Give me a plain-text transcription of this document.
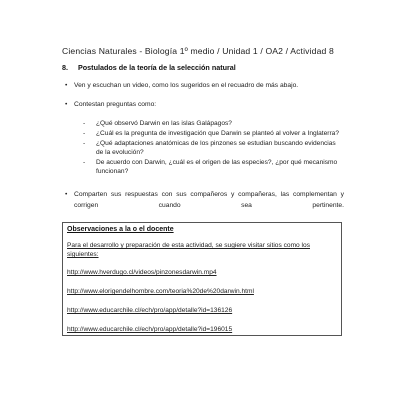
Ciencias Naturales - Biología 1º medio / Unidad 1 / OA2 / Actividad 8
8. Postulados de la teoría de la selección natural
• Ven y escuchan un video, como los sugeridos en el recuadro de más abajo.
• Contestan preguntas como:
- ¿Qué observó Darwin en las islas Galápagos?
- ¿Cuál es la pregunta de investigación que Darwin se planteó al volver a Inglaterra?
- ¿Qué adaptaciones anatómicas de los pinzones se estudian buscando evidencias de la evolución?
- De acuerdo con Darwin, ¿cuál es el origen de las especies?, ¿por qué mecanismo funcionan?
• Comparten sus respuestas con sus compañeros y compañeras, las complementan y corrigen cuando sea pertinente.
Observaciones a la o el docente
Para el desarrollo y preparación de esta actividad, se sugiere visitar sitios como los siguientes:
http://www.hverdugo.cl/videos/pinzonesdarwin.mp4
http://www.elorigendelhombre.com/teoria%20de%20darwin.html
http://www.educarchile.cl/ech/pro/app/detalle?id=136126
http://www.educarchile.cl/ech/pro/app/detalle?id=196015
